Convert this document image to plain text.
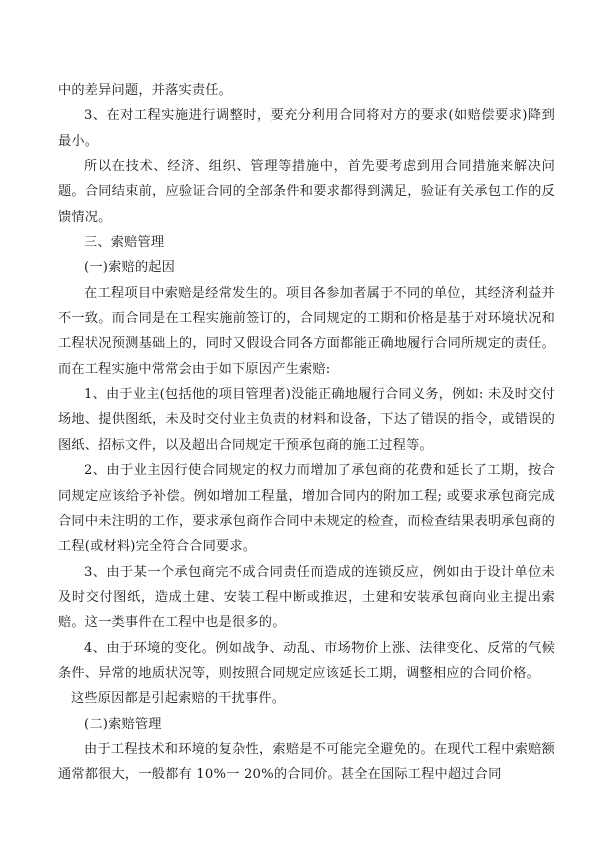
中的差异问题，并落实责任。

3、在对工程实施进行调整时，要充分利用合同将对方的要求(如赔偿要求)降到最小。

所以在技术、经济、组织、管理等措施中，首先要考虑到用合同措施来解决问题。合同结束前，应验证合同的全部条件和要求都得到满足，验证有关承包工作的反馈情况。

三、索赔管理

(一)索赔的起因

在工程项目中索赔是经常发生的。项目各参加者属于不同的单位，其经济利益并不一致。而合同是在工程实施前签订的，合同规定的工期和价格是基于对环境状况和工程状况预测基础上的，同时又假设合同各方面都能正确地履行合同所规定的责任。而在工程实施中常常会由于如下原因产生索赔:

1、由于业主(包括他的项目管理者)没能正确地履行合同义务，例如: 未及时交付场地、提供图纸，未及时交付业主负责的材料和设备，下达了错误的指令，或错误的图纸、招标文件，以及超出合同规定干预承包商的施工过程等。

2、由于业主因行使合同规定的权力而增加了承包商的花费和延长了工期，按合同规定应该给予补偿。例如增加工程量，增加合同内的附加工程; 或要求承包商完成合同中未注明的工作，要求承包商作合同中未规定的检查，而检查结果表明承包商的工程(或材料)完全符合合同要求。

3、由于某一个承包商完不成合同责任而造成的连锁反应，例如由于设计单位未及时交付图纸，造成土建、安装工程中断或推迟，土建和安装承包商向业主提出索赔。这一类事件在工程中也是很多的。

4、由于环境的变化。例如战争、动乱、市场物价上涨、法律变化、反常的气候条件、异常的地质状况等，则按照合同规定应该延长工期，调整相应的合同价格。

这些原因都是引起索赔的干扰事件。

(二)索赔管理

由于工程技术和环境的复杂性，索赔是不可能完全避免的。在现代工程中索赔额通常都很大，一般都有 10%一 20%的合同价。甚全在国际工程中超过合同
